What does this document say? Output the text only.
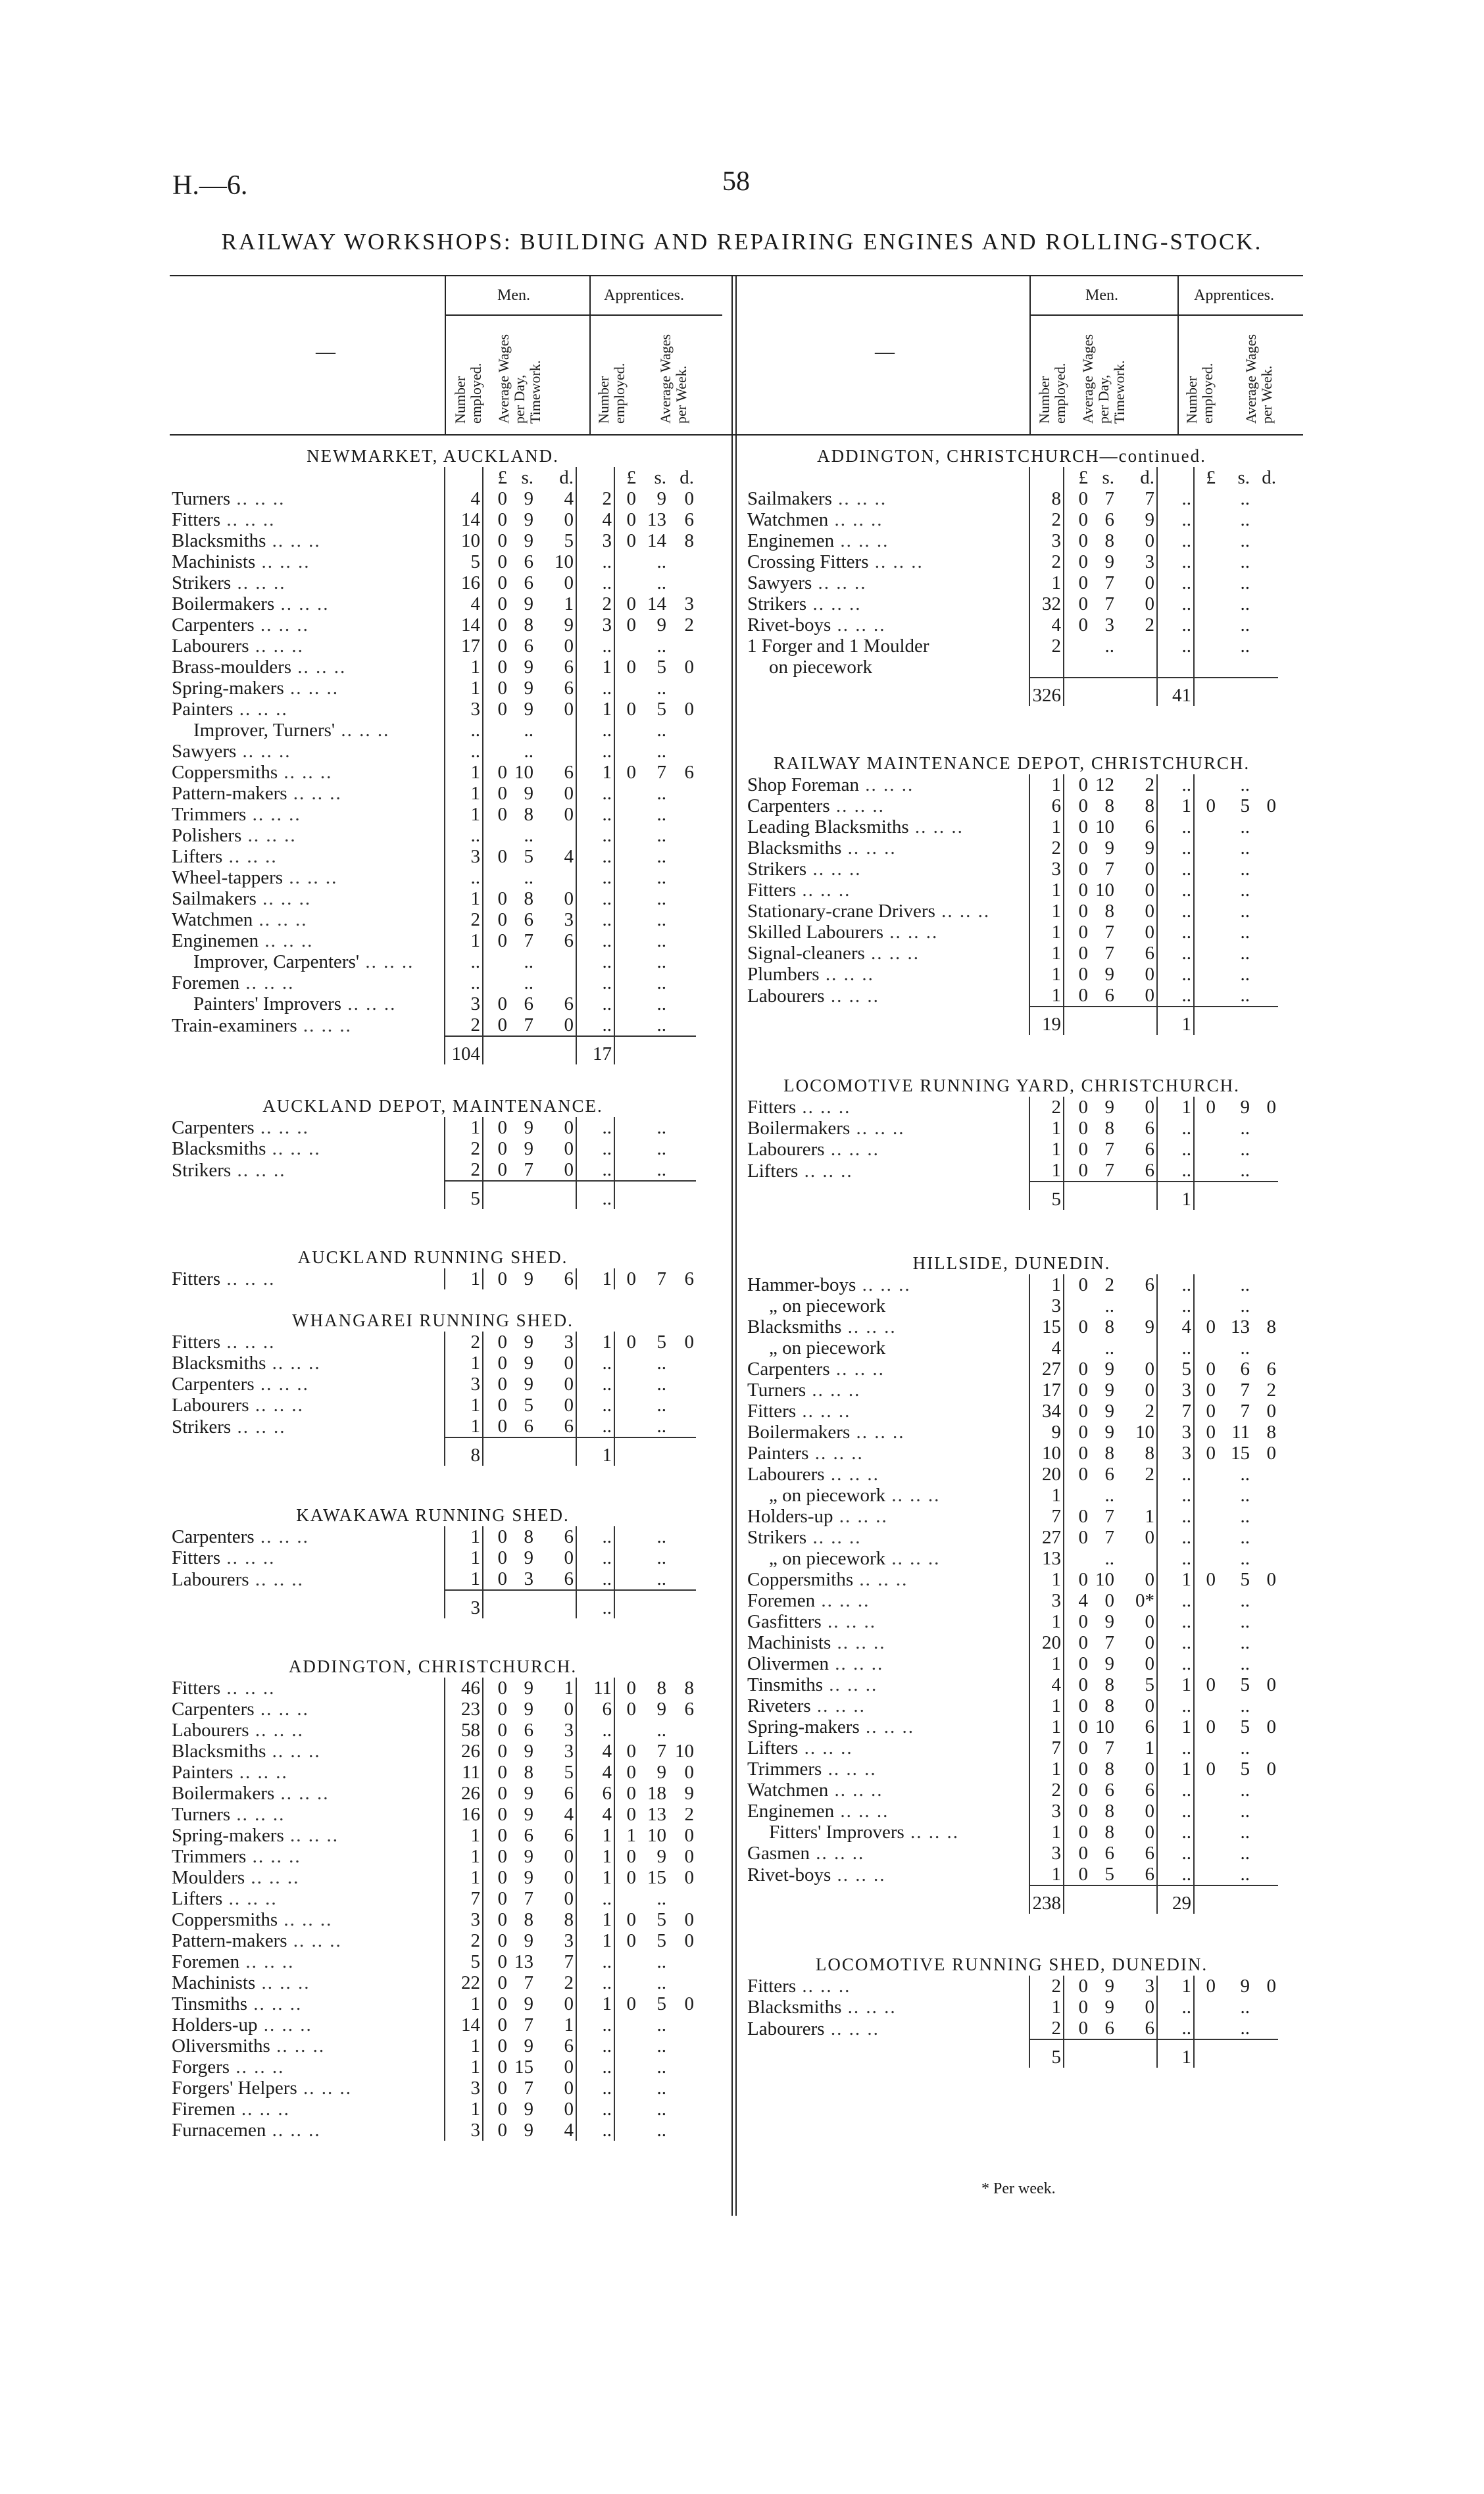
H.—6.	58
RAILWAY WORKSHOPS: BUILDING AND REPAIRING ENGINES AND ROLLING-STOCK.
—
Men.	Apprentices.
Number employed. Average Wages per Day, Timework.	Number employed. Average Wages per Week.
—
Men.	Apprentices.
Number employed. Average Wages per Day, Timework.	Number employed. Average Wages per Week.
NEWMARKET, AUCKLAND.
		£	s.	d.		£	s.	d.
Turners .. .. ..	4	0	9	4	2	0	9	0
Fitters .. .. ..	14	0	9	0	4	0	13	6
Blacksmiths .. .. ..	10	0	9	5	3	0	14	8
Machinists .. .. ..	5	0	6	10	..		..	
Strikers .. .. ..	16	0	6	0	..		..	
Boilermakers .. .. ..	4	0	9	1	2	0	14	3
Carpenters .. .. ..	14	0	8	9	3	0	9	2
Labourers .. .. ..	17	0	6	0	..		..	
Brass-moulders .. .. ..	1	0	9	6	1	0	5	0
Spring-makers .. .. ..	1	0	9	6	..		..	
Painters .. .. ..	3	0	9	0	1	0	5	0
Improver, Turners' .. .. ..	..		..		..		..	
Sawyers .. .. ..	..		..		..		..	
Coppersmiths .. .. ..	1	0	10	6	1	0	7	6
Pattern-makers .. .. ..	1	0	9	0	..		..	
Trimmers .. .. ..	1	0	8	0	..		..	
Polishers .. .. ..	..		..		..		..	
Lifters .. .. ..	3	0	5	4	..		..	
Wheel-tappers .. .. ..	..		..		..		..	
Sailmakers .. .. ..	1	0	8	0	..		..	
Watchmen .. .. ..	2	0	6	3	..		..	
Enginemen .. .. ..	1	0	7	6	..		..	
Improver, Carpenters' .. .. ..	..		..		..		..	
Foremen .. .. ..	..		..		..		..	
Painters' Improvers .. .. ..	3	0	6	6	..		..	
Train-examiners .. .. ..	2	0	7	0	..		..	
	104				17			
AUCKLAND DEPOT, MAINTENANCE.
Carpenters .. .. ..	1	0	9	0	..		..	
Blacksmiths .. .. ..	2	0	9	0	..		..	
Strikers .. .. ..	2	0	7	0	..		..	
	5				..			
AUCKLAND RUNNING SHED.
Fitters .. .. ..	1	0	9	6	1	0	7	6
WHANGAREI RUNNING SHED.
Fitters .. .. ..	2	0	9	3	1	0	5	0
Blacksmiths .. .. ..	1	0	9	0	..		..	
Carpenters .. .. ..	3	0	9	0	..		..	
Labourers .. .. ..	1	0	5	0	..		..	
Strikers .. .. ..	1	0	6	6	..		..	
	8				1			
KAWAKAWA RUNNING SHED.
Carpenters .. .. ..	1	0	8	6	..		..	
Fitters .. .. ..	1	0	9	0	..		..	
Labourers .. .. ..	1	0	3	6	..		..	
	3				..			
ADDINGTON, CHRISTCHURCH.
Fitters .. .. ..	46	0	9	1	11	0	8	8
Carpenters .. .. ..	23	0	9	0	6	0	9	6
Labourers .. .. ..	58	0	6	3	..		..	
Blacksmiths .. .. ..	26	0	9	3	4	0	7	10
Painters .. .. ..	11	0	8	5	4	0	9	0
Boilermakers .. .. ..	26	0	9	6	6	0	18	9
Turners .. .. ..	16	0	9	4	4	0	13	2
Spring-makers .. .. ..	1	0	6	6	1	1	10	0
Trimmers .. .. ..	1	0	9	0	1	0	9	0
Moulders .. .. ..	1	0	9	0	1	0	15	0
Lifters .. .. ..	7	0	7	0	..		..	
Coppersmiths .. .. ..	3	0	8	8	1	0	5	0
Pattern-makers .. .. ..	2	0	9	3	1	0	5	0
Foremen .. .. ..	5	0	13	7	..		..	
Machinists .. .. ..	22	0	7	2	..		..	
Tinsmiths .. .. ..	1	0	9	0	1	0	5	0
Holders-up .. .. ..	14	0	7	1	..		..	
Oliversmiths .. .. ..	1	0	9	6	..		..	
Forgers .. .. ..	1	0	15	0	..		..	
Forgers' Helpers .. .. ..	3	0	7	0	..		..	
Firemen .. .. ..	1	0	9	0	..		..	
Furnacemen .. .. ..	3	0	9	4	..		..	
ADDINGTON, CHRISTCHURCH—continued.
		£	s.	d.		£	s.	d.
Sailmakers .. .. ..	8	0	7	7	..		..	
Watchmen .. .. ..	2	0	6	9	..		..	
Enginemen .. .. ..	3	0	8	0	..		..	
Crossing Fitters .. .. ..	2	0	9	3	..		..	
Sawyers .. .. ..	1	0	7	0	..		..	
Strikers .. .. ..	32	0	7	0	..		..	
Rivet-boys .. .. ..	4	0	3	2	..		..	
1 Forger and 1 Moulder	2		..		..		..	
on piecework								
	326				41			
RAILWAY MAINTENANCE DEPOT, CHRISTCHURCH.
Shop Foreman .. .. ..	1	0	12	2	..		..	
Carpenters .. .. ..	6	0	8	8	1	0	5	0
Leading Blacksmiths .. .. ..	1	0	10	6	..		..	
Blacksmiths .. .. ..	2	0	9	9	..		..	
Strikers .. .. ..	3	0	7	0	..		..	
Fitters .. .. ..	1	0	10	0	..		..	
Stationary-crane Drivers .. .. ..	1	0	8	0	..		..	
Skilled Labourers .. .. ..	1	0	7	0	..		..	
Signal-cleaners .. .. ..	1	0	7	6	..		..	
Plumbers .. .. ..	1	0	9	0	..		..	
Labourers .. .. ..	1	0	6	0	..		..	
	19				1			
LOCOMOTIVE RUNNING YARD, CHRISTCHURCH.
Fitters .. .. ..	2	0	9	0	1	0	9	0
Boilermakers .. .. ..	1	0	8	6	..		..	
Labourers .. .. ..	1	0	7	6	..		..	
Lifters .. .. ..	1	0	7	6	..		..	
	5				1			
HILLSIDE, DUNEDIN.
Hammer-boys .. .. ..	1	0	2	6	..		..	
„ on piecework	3		..		..		..	
Blacksmiths .. .. ..	15	0	8	9	4	0	13	8
„ on piecework	4		..		..		..	
Carpenters .. .. ..	27	0	9	0	5	0	6	6
Turners .. .. ..	17	0	9	0	3	0	7	2
Fitters .. .. ..	34	0	9	2	7	0	7	0
Boilermakers .. .. ..	9	0	9	10	3	0	11	8
Painters .. .. ..	10	0	8	8	3	0	15	0
Labourers .. .. ..	20	0	6	2	..		..	
„ on piecework .. .. ..	1		..		..		..	
Holders-up .. .. ..	7	0	7	1	..		..	
Strikers .. .. ..	27	0	7	0	..		..	
„ on piecework .. .. ..	13		..		..		..	
Coppersmiths .. .. ..	1	0	10	0	1	0	5	0
Foremen .. .. ..	3	4	0	0*	..		..	
Gasfitters .. .. ..	1	0	9	0	..		..	
Machinists .. .. ..	20	0	7	0	..		..	
Olivermen .. .. ..	1	0	9	0	..		..	
Tinsmiths .. .. ..	4	0	8	5	1	0	5	0
Riveters .. .. ..	1	0	8	0	..		..	
Spring-makers .. .. ..	1	0	10	6	1	0	5	0
Lifters .. .. ..	7	0	7	1	..		..	
Trimmers .. .. ..	1	0	8	0	1	0	5	0
Watchmen .. .. ..	2	0	6	6	..		..	
Enginemen .. .. ..	3	0	8	0	..		..	
Fitters' Improvers .. .. ..	1	0	8	0	..		..	
Gasmen .. .. ..	3	0	6	6	..		..	
Rivet-boys .. .. ..	1	0	5	6	..		..	
	238				29			
LOCOMOTIVE RUNNING SHED, DUNEDIN.
Fitters .. .. ..	2	0	9	3	1	0	9	0
Blacksmiths .. .. ..	1	0	9	0	..		..	
Labourers .. .. ..	2	0	6	6	..		..	
	5				1			
* Per week.
